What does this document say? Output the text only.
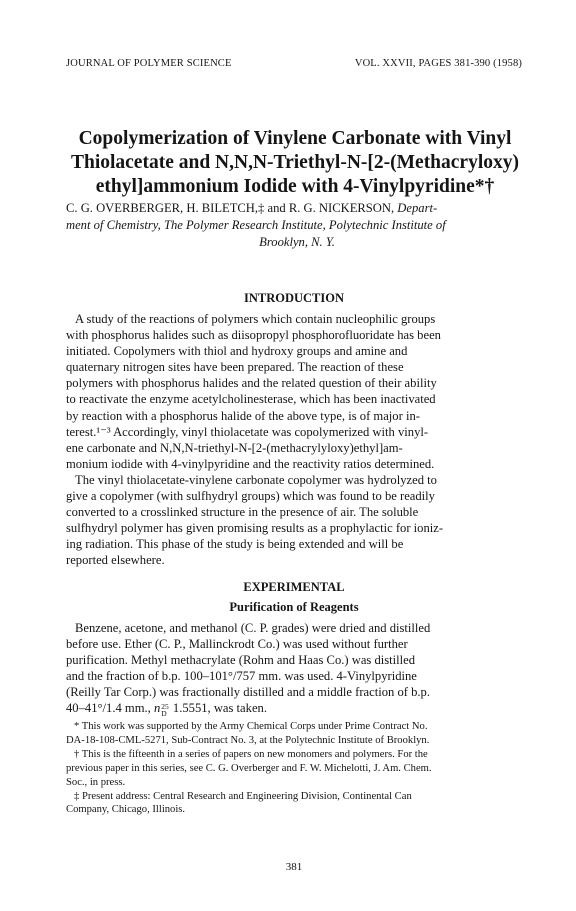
JOURNAL OF POLYMER SCIENCE	VOL. XXVII, PAGES 381-390 (1958)
Copolymerization of Vinylene Carbonate with Vinyl
Thiolacetate and N,N,N-Triethyl-N-[2-(Methacryloxy)
ethyl]ammonium Iodide with 4-Vinylpyridine*†
C. G. OVERBERGER, H. BILETCH,‡ and R. G. NICKERSON, Depart-
ment of Chemistry, The Polymer Research Institute, Polytechnic Institute of
Brooklyn, N. Y.
INTRODUCTION
A study of the reactions of polymers which contain nucleophilic groups
with phosphorus halides such as diisopropyl phosphorofluoridate has been
initiated. Copolymers with thiol and hydroxy groups and amine and
quaternary nitrogen sites have been prepared. The reaction of these
polymers with phosphorus halides and the related question of their ability
to reactivate the enzyme acetylcholinesterase, which has been inactivated
by reaction with a phosphorus halide of the above type, is of major in-
terest.¹⁻³ Accordingly, vinyl thiolacetate was copolymerized with vinyl-
ene carbonate and N,N,N-triethyl-N-[2-(methacrylyloxy)ethyl]am-
monium iodide with 4-vinylpyridine and the reactivity ratios determined.
The vinyl thiolacetate-vinylene carbonate copolymer was hydrolyzed to
give a copolymer (with sulfhydryl groups) which was found to be readily
converted to a crosslinked structure in the presence of air. The soluble
sulfhydryl polymer has given promising results as a prophylactic for ioniz-
ing radiation. This phase of the study is being extended and will be
reported elsewhere.
EXPERIMENTAL
381
Purification of Reagents
Benzene, acetone, and methanol (C. P. grades) were dried and distilled
before use. Ether (C. P., Mallinckrodt Co.) was used without further
purification. Methyl methacrylate (Rohm and Haas Co.) was distilled
and the fraction of b.p. 100–101°/757 mm. was used. 4-Vinylpyridine
(Reilly Tar Corp.) was fractionally distilled and a middle fraction of b.p.
40–41°/1.4 mm., n 25
D 1.5551, was taken.
* This work was supported by the Army Chemical Corps under Prime Contract No.
DA-18-108-CML-5271, Sub-Contract No. 3, at the Polytechnic Institute of Brooklyn.
† This is the fifteenth in a series of papers on new monomers and polymers. For the
previous paper in this series, see C. G. Overberger and F. W. Michelotti, J. Am. Chem.
Soc., in press.
‡ Present address: Central Research and Engineering Division, Continental Can
Company, Chicago, Illinois.
